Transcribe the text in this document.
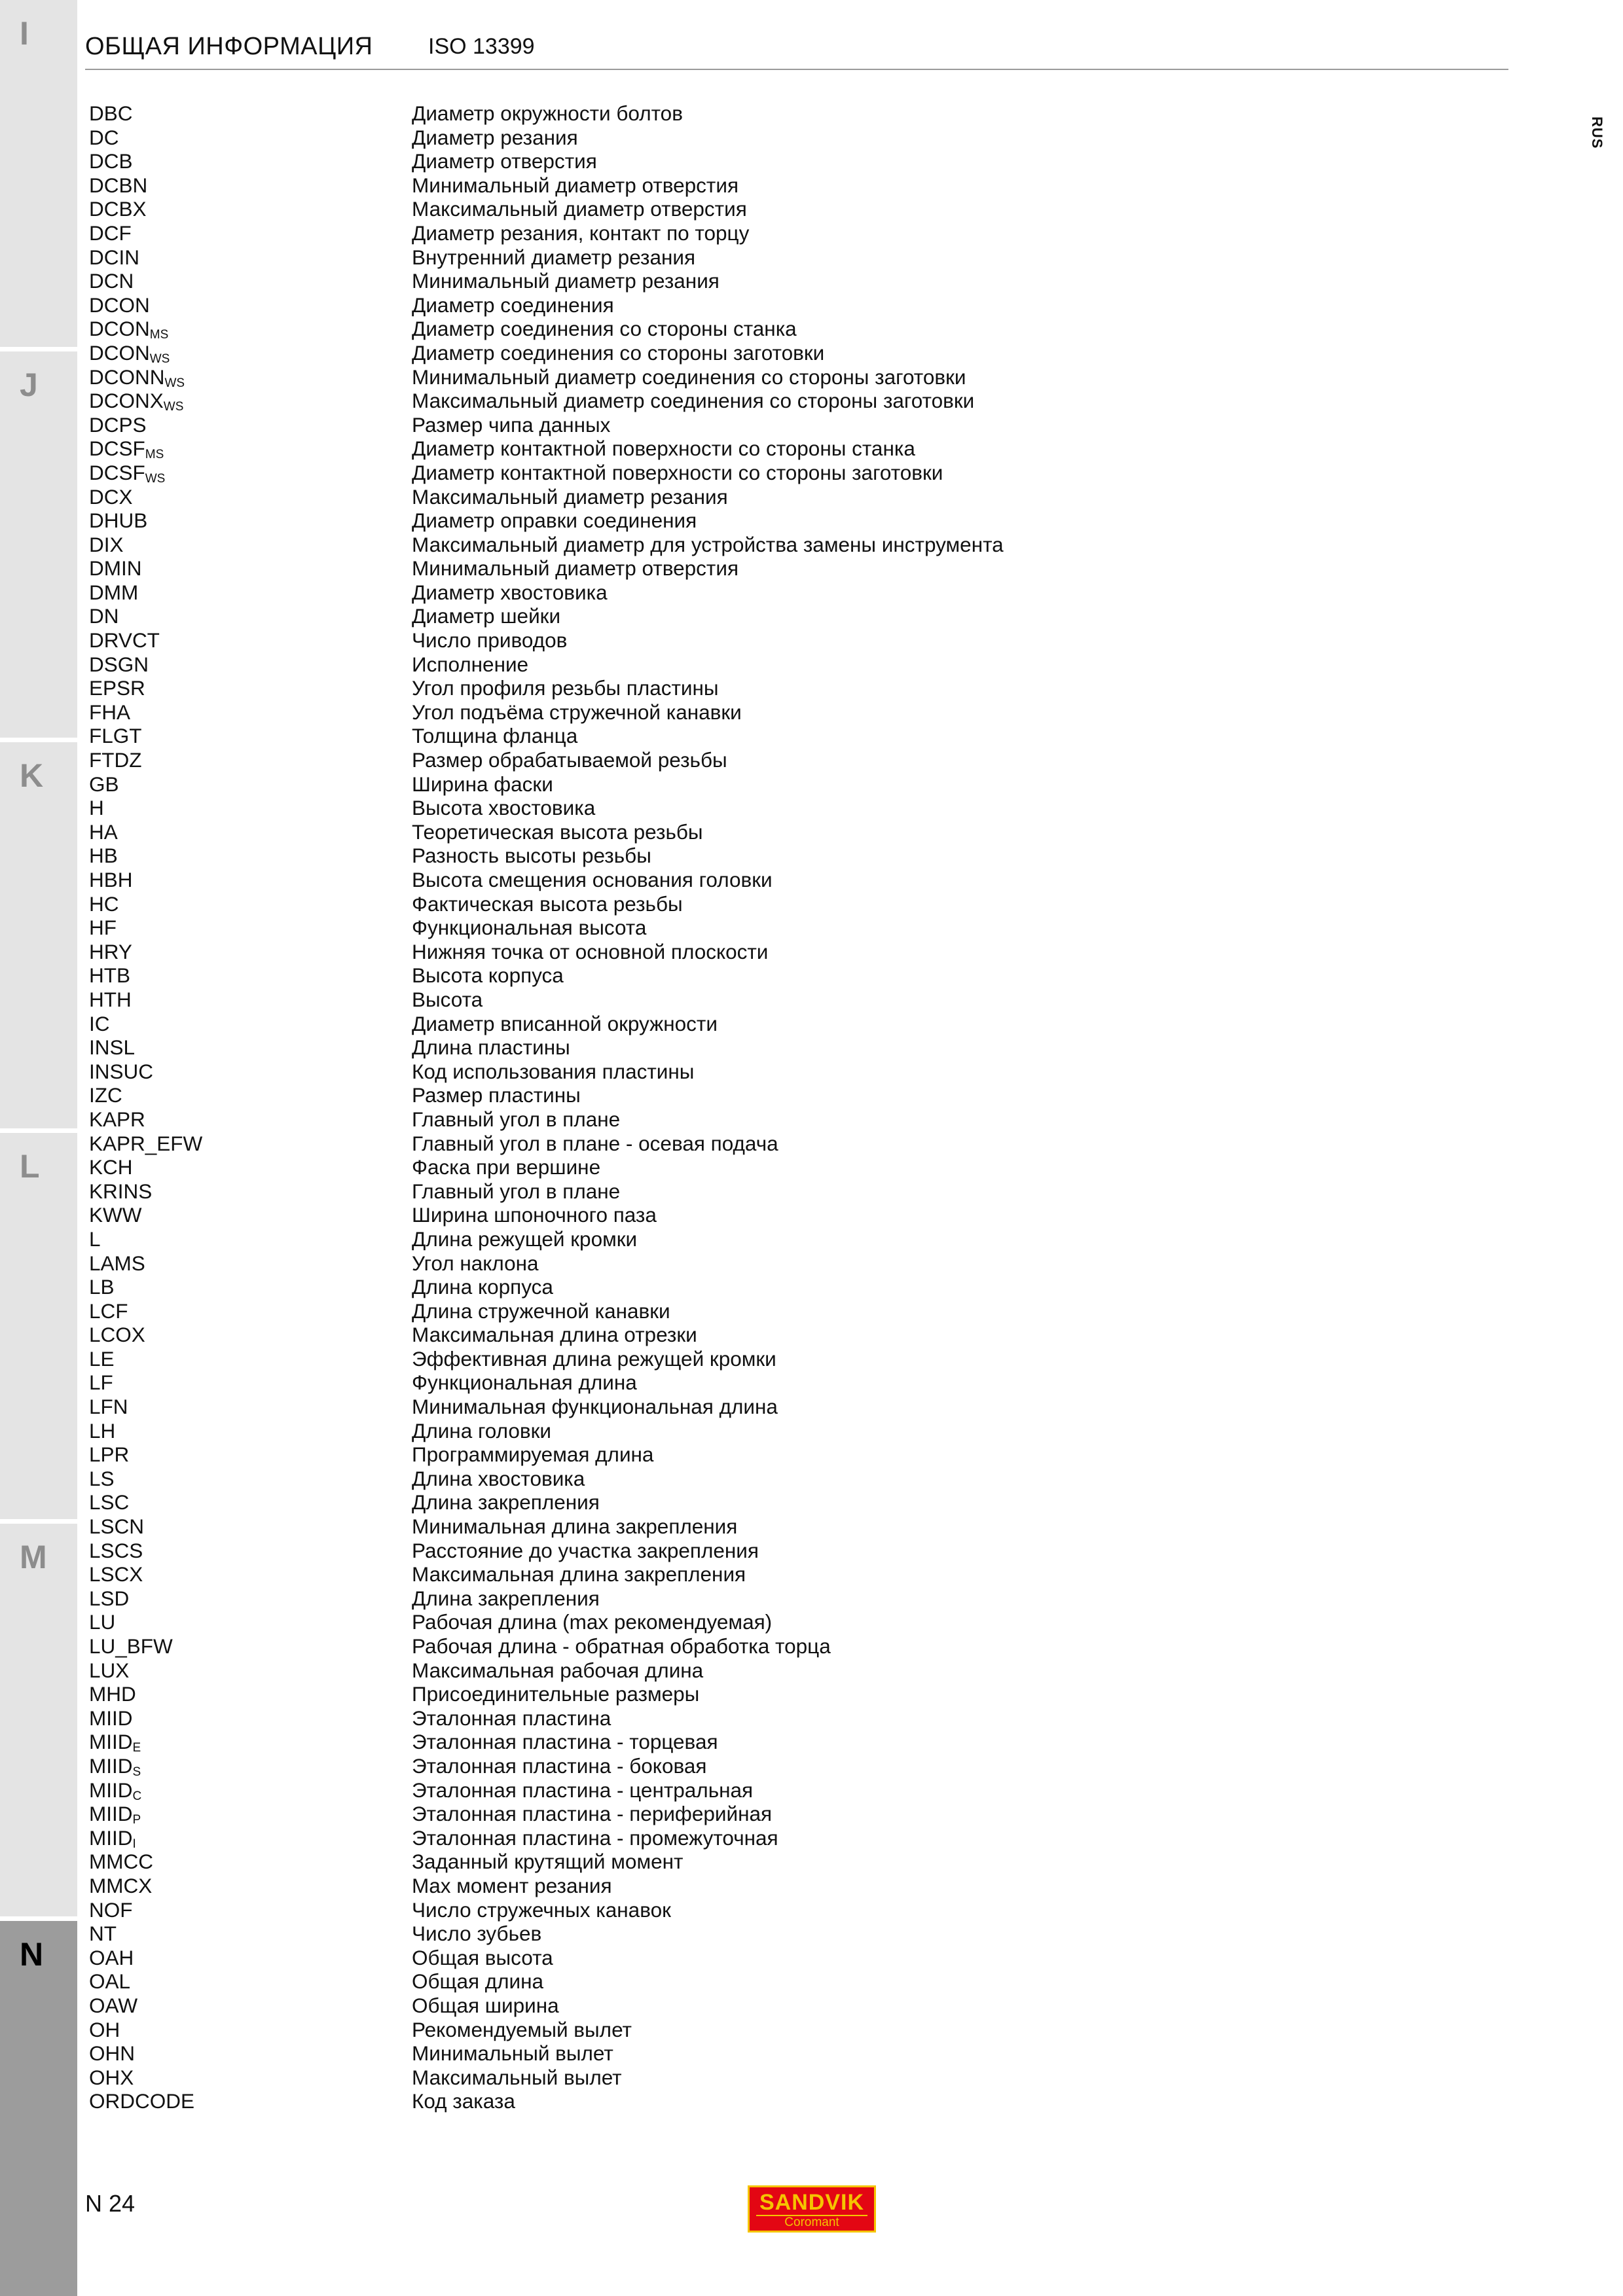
I
J
K
L
M
N
ОБЩАЯ ИНФОРМАЦИЯ ISO 13399
RUS
DBC	Диаметр окружности болтов
DC	Диаметр резания
DCB	Диаметр отверстия
DCBN	Минимальный диаметр отверстия
DCBX	Максимальный диаметр отверстия
DCF	Диаметр резания, контакт по торцу
DCIN	Внутренний диаметр резания
DCN	Минимальный диаметр резания
DCON	Диаметр соединения
$DCON_{MS}$	Диаметр соединения со стороны станка
$DCON_{WS}$	Диаметр соединения со стороны заготовки
$DCONN_{WS}$	Минимальный диаметр соединения со стороны заготовки
$DCONX_{WS}$	Максимальный диаметр соединения со стороны заготовки
DCPS	Размер чипа данных
$DCSF_{MS}$	Диаметр контактной поверхности со стороны станка
$DCSF_{WS}$	Диаметр контактной поверхности со стороны заготовки
DCX	Максимальный диаметр резания
DHUB	Диаметр оправки соединения
DIX	Максимальный диаметр для устройства замены инструмента
DMIN	Минимальный диаметр отверстия
DMM	Диаметр хвостовика
DN	Диаметр шейки
DRVCT	Число приводов
DSGN	Исполнение
EPSR	Угол профиля резьбы пластины
FHA	Угол подъёма стружечной канавки
FLGT	Толщина фланца
FTDZ	Размер обрабатываемой резьбы
GB	Ширина фаски
H	Высота хвостовика
HA	Теоретическая высота резьбы
HB	Разность высоты резьбы
HBH	Высота смещения основания головки
HC	Фактическая высота резьбы
HF	Функциональная высота
HRY	Нижняя точка от основной плоскости
HTB	Высота корпуса
HTH	Высота
IC	Диаметр вписанной окружности
INSL	Длина пластины
INSUC	Код использования пластины
IZC	Размер пластины
KAPR	Главный угол в плане
KAPR_EFW	Главный угол в плане - осевая подача
KCH	Фаска при вершине
KRINS	Главный угол в плане
KWW	Ширина шпоночного паза
L	Длина режущей кромки
LAMS	Угол наклона
LB	Длина корпуса
LCF	Длина стружечной канавки
LCOX	Максимальная длина отрезки
LE	Эффективная длина режущей кромки
LF	Функциональная длина
LFN	Минимальная функциональная длина
LH	Длина головки
LPR	Программируемая длина
LS	Длина хвостовика
LSC	Длина закрепления
LSCN	Минимальная длина закрепления
LSCS	Расстояние до участка закрепления
LSCX	Максимальная длина закрепления
LSD	Длина закрепления
LU	Рабочая длина (max рекомендуемая)
LU_BFW	Рабочая длина - обратная обработка торца
LUX	Максимальная рабочая длина
MHD	Присоединительные размеры
MIID	Эталонная пластина
$MIID_E$	Эталонная пластина - торцевая
$MIID_S$	Эталонная пластина - боковая
$MIID_C$	Эталонная пластина - центральная
$MIID_P$	Эталонная пластина - периферийная
$MIID_I$	Эталонная пластина - промежуточная
MMCC	Заданный крутящий момент
MMCX	Max момент резания
NOF	Число стружечных канавок
NT	Число зубьев
OAH	Общая высота
OAL	Общая длина
OAW	Общая ширина
OH	Рекомендуемый вылет
OHN	Минимальный вылет
OHX	Максимальный вылет
ORDCODE	Код заказа
N 24	SANDVIK
Coromant
